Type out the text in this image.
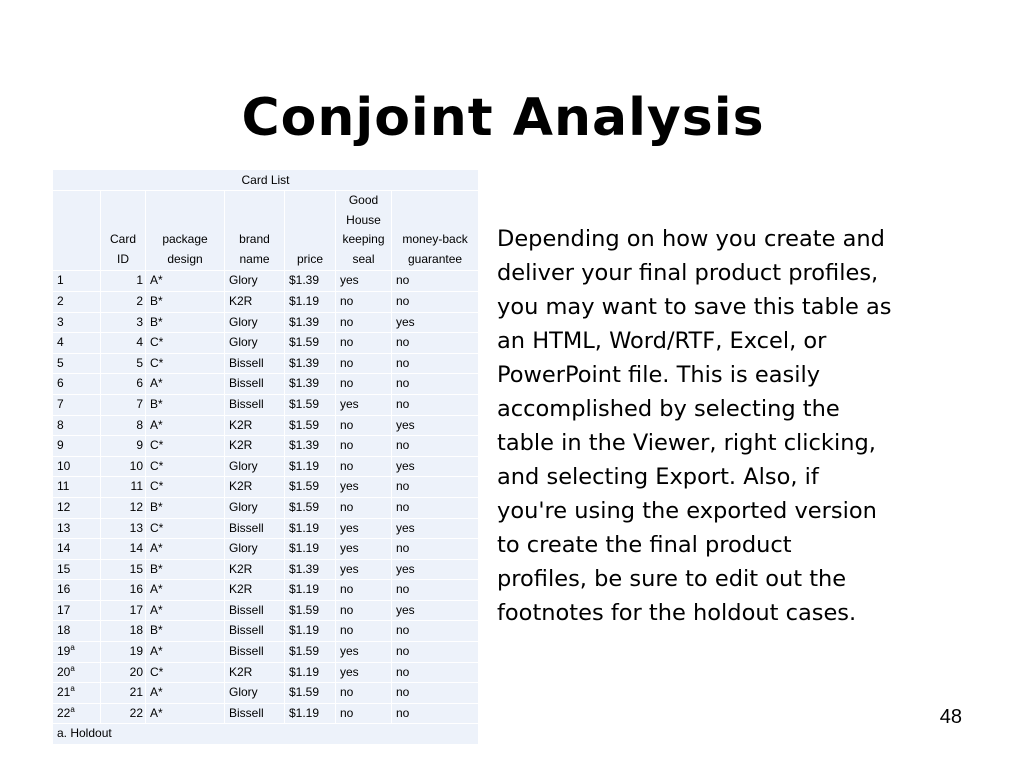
Conjoint Analysis
Card List						
	Card ID	package design	brand name	price	Good House keeping seal	money-back guarantee
1	1	A*	Glory	$1.39	yes	no
2	2	B*	K2R	$1.19	no	no
3	3	B*	Glory	$1.39	no	yes
4	4	C*	Glory	$1.59	no	no
5	5	C*	Bissell	$1.39	no	no
6	6	A*	Bissell	$1.39	no	no
7	7	B*	Bissell	$1.59	yes	no
8	8	A*	K2R	$1.59	no	yes
9	9	C*	K2R	$1.39	no	no
10	10	C*	Glory	$1.19	no	yes
11	11	C*	K2R	$1.59	yes	no
12	12	B*	Glory	$1.59	no	no
13	13	C*	Bissell	$1.19	yes	yes
14	14	A*	Glory	$1.19	yes	no
15	15	B*	K2R	$1.39	yes	yes
16	16	A*	K2R	$1.19	no	no
17	17	A*	Bissell	$1.59	no	yes
18	18	B*	Bissell	$1.19	no	no
19$^a$	19	A*	Bissell	$1.59	yes	no
20$^a$	20	C*	K2R	$1.19	yes	no
21$^a$	21	A*	Glory	$1.59	no	no
22$^a$	22	A*	Bissell	$1.19	no	no
a. Holdout						

Depending on how you create and
deliver your final product profiles,
you may want to save this table as
an HTML, Word/RTF, Excel, or
PowerPoint file. This is easily
accomplished by selecting the
table in the Viewer, right clicking,
and selecting Export. Also, if
you're using the exported version
to create the final product
profiles, be sure to edit out the
footnotes for the holdout cases.

48
